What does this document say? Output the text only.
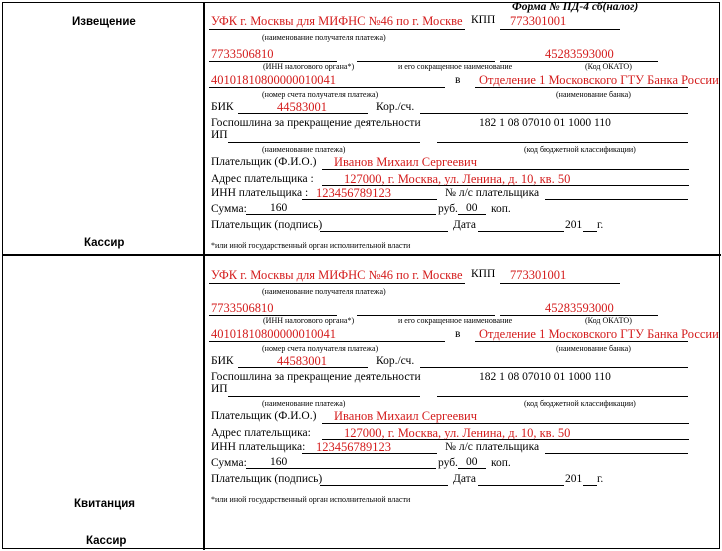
Извещение
Кассир
Квитанция
Кассир
Форма № ПД-4 сб(налог)
УФК г. Москвы для МИФНС №46 по г. Москве КПП 773301001
(наименование получателя платежа)
7733506810	45283593000
(ИНН налогового органа*)	и его сокращенное наименование	(Код ОКАТО)
40101810800000010041	в Отделение 1 Московского ГТУ Банка России
(номер счета получателя платежа)	(наименование банка)
БИК	44583001	Кор./сч.
Госпошлина за прекращение деятельности
ИП
182 1 08 07010 01 1000 110
(наименование платежа)	(код бюджетной классификации)
Плательщик (Ф.И.О.) Иванов Михаил Сергеевич
Адрес плательщика : 127000, г. Москва, ул. Ленина, д. 10, кв. 50
ИНН плательщика : 123456789123	№ л/с плательщика
Сумма: 160	руб. 00 коп.
Плательщик (подпись)	Дата	201 г.
*или иной государственный орган исполнительной власти
УФК г. Москвы для МИФНС №46 по г. Москве КПП 773301001
(наименование получателя платежа)
7733506810	45283593000
(ИНН налогового органа*)	и его сокращенное наименование	(Код ОКАТО)
40101810800000010041	в Отделение 1 Московского ГТУ Банка России
(номер счета получателя платежа)	(наименование банка)
БИК	44583001	Кор./сч.
Госпошлина за прекращение деятельности
ИП
182 1 08 07010 01 1000 110
(наименование платежа)	(код бюджетной классификации)
Плательщик (Ф.И.О.) Иванов Михаил Сергеевич
Адрес плательщика:	127000, г. Москва, ул. Ленина, д. 10, кв. 50
ИНН плательщика: 123456789123	№ л/с плательщика
Сумма: 160	руб. 00 коп.
Плательщик (подпись)	Дата	201 г.
*или иной государственный орган исполнительной власти
